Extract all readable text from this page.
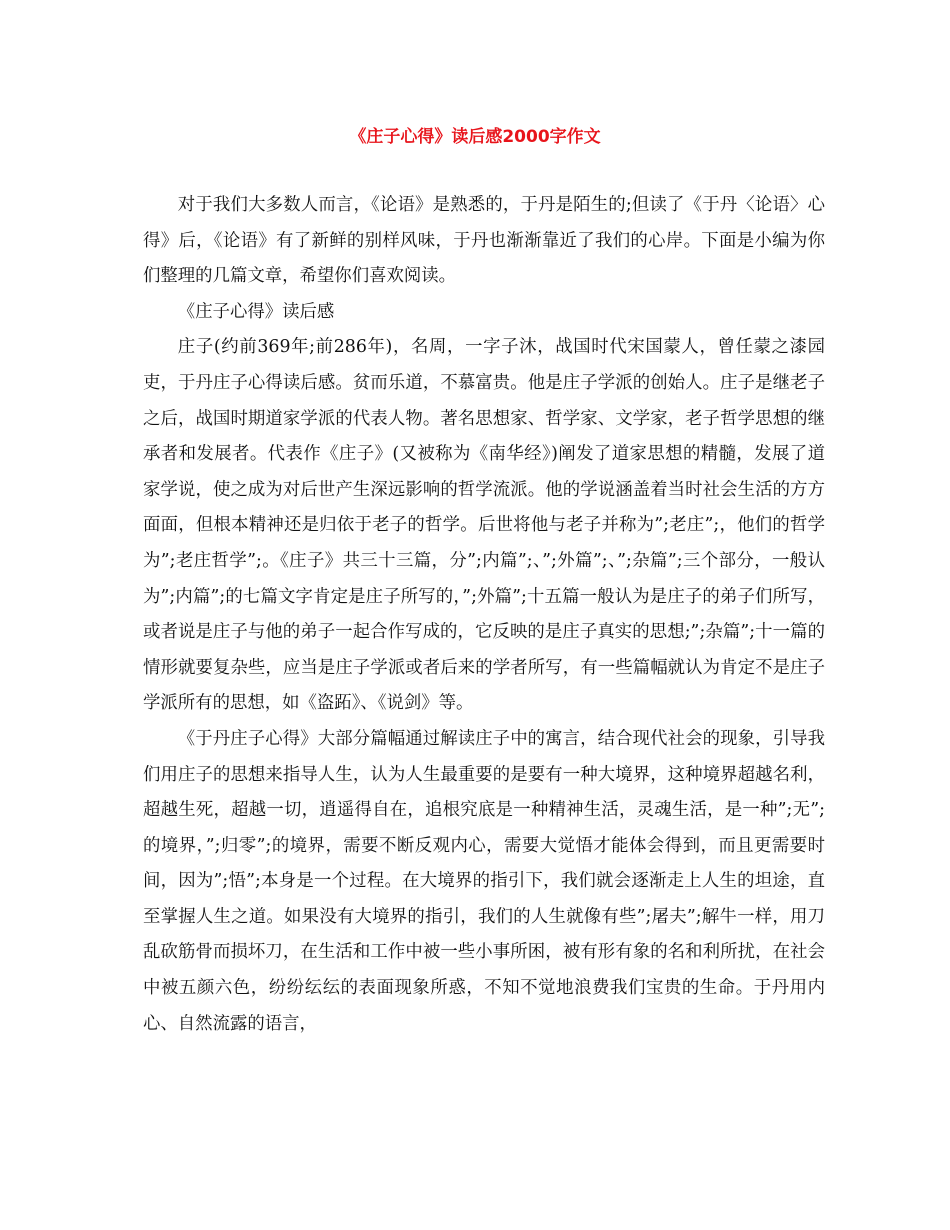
《庄子心得》读后感2000字作文

对于我们大多数人而言，《论语》是熟悉的，于丹是陌生的;但读了《于丹〈论语〉心得》后，《论语》有了新鲜的别样风味，于丹也渐渐靠近了我们的心岸。下面是小编为你们整理的几篇文章，希望你们喜欢阅读。

《庄子心得》读后感

庄子(约前369年;前286年)，名周，一字子沐，战国时代宋国蒙人，曾任蒙之漆园吏，于丹庄子心得读后感。贫而乐道，不慕富贵。他是庄子学派的创始人。庄子是继老子之后，战国时期道家学派的代表人物。著名思想家、哲学家、文学家，老子哲学思想的继承者和发展者。代表作《庄子》(又被称为《南华经》)阐发了道家思想的精髓，发展了道家学说，使之成为对后世产生深远影响的哲学流派。他的学说涵盖着当时社会生活的方方面面，但根本精神还是归依于老子的哲学。后世将他与老子并称为”;老庄”;，他们的哲学为”;老庄哲学”;。《庄子》共三十三篇，分”;内篇”;、”;外篇”;、”;杂篇”;三个部分，一般认为”;内篇”;的七篇文字肯定是庄子所写的，”;外篇”;十五篇一般认为是庄子的弟子们所写，或者说是庄子与他的弟子一起合作写成的，它反映的是庄子真实的思想;”;杂篇”;十一篇的情形就要复杂些，应当是庄子学派或者后来的学者所写，有一些篇幅就认为肯定不是庄子学派所有的思想，如《盗跖》、《说剑》等。

《于丹庄子心得》大部分篇幅通过解读庄子中的寓言，结合现代社会的现象，引导我们用庄子的思想来指导人生，认为人生最重要的是要有一种大境界，这种境界超越名利，超越生死，超越一切，逍遥得自在，追根究底是一种精神生活，灵魂生活，是一种”;无”;的境界，”;归零”;的境界，需要不断反观内心，需要大觉悟才能体会得到，而且更需要时间，因为”;悟”;本身是一个过程。在大境界的指引下，我们就会逐渐走上人生的坦途，直至掌握人生之道。如果没有大境界的指引，我们的人生就像有些”;屠夫”;解牛一样，用刀乱砍筋骨而损坏刀，在生活和工作中被一些小事所困，被有形有象的名和利所扰，在社会中被五颜六色，纷纷纭纭的表面现象所惑，不知不觉地浪费我们宝贵的生命。于丹用内心、自然流露的语言，
